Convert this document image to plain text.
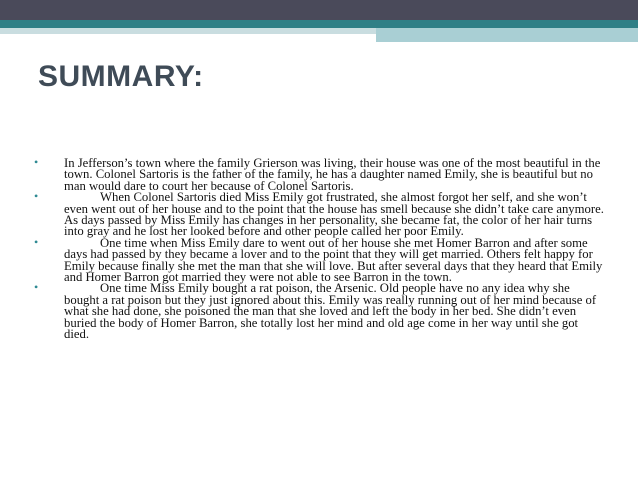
SUMMARY:
• In Jefferson’s town where the family Grierson was living, their house was one of the most beautiful in the town. Colonel Sartoris is the father of the family, he has a daughter named Emily, she is beautiful but no man would dare to court her because of Colonel Sartoris.
•	When Colonel Sartoris died Miss Emily got frustrated, she almost forgot her self, and she won’t even went out of her house and to the point that the house has smell because she didn’t take care anymore. As days passed by Miss Emily has changes in her personality, she became fat, the color of her hair turns into gray and he lost her looked before and other people called her poor Emily.
•	One time when Miss Emily dare to went out of her house she met Homer Barron and after some days had passed by they became a lover and to the point that they will get married. Others felt happy for Emily because finally she met the man that she will love. But after several days that they heard that Emily and Homer Barron got married they were not able to see Barron in the town.
•	One time Miss Emily bought a rat poison, the Arsenic. Old people have no any idea why she bought a rat poison but they just ignored about this. Emily was really running out of her mind because of what she had done, she poisoned the man that she loved and left the body in her bed. She didn’t even buried the body of Homer Barron, she totally lost her mind and old age come in her way until she got died.
